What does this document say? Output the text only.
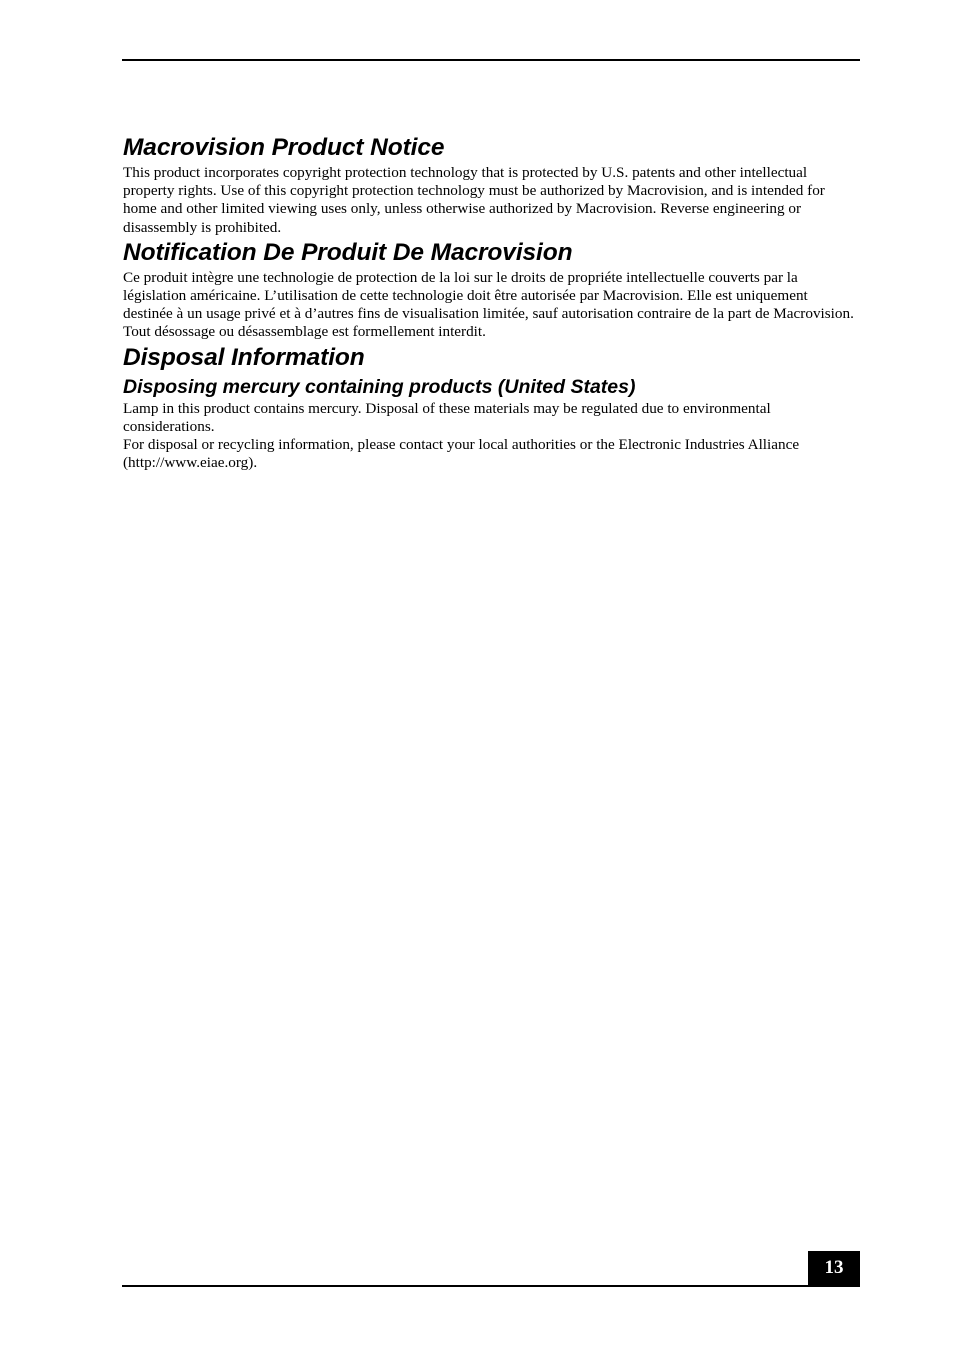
Macrovision Product Notice

This product incorporates copyright protection technology that is protected by U.S. patents and other intellectual property rights. Use of this copyright protection technology must be authorized by Macrovision, and is intended for home and other limited viewing uses only, unless otherwise authorized by Macrovision. Reverse engineering or disassembly is prohibited.

Notification De Produit De Macrovision

Ce produit intègre une technologie de protection de la loi sur le droits de propriéte intellectuelle couverts par la législation américaine. L’utilisation de cette technologie doit être autorisée par Macrovision. Elle est uniquement destinée à un usage privé et à d’autres fins de visualisation limitée, sauf autorisation contraire de la part de Macrovision. Tout désossage ou désassemblage est formellement interdit.

Disposal Information
Disposing mercury containing products (United States)

Lamp in this product contains mercury. Disposal of these materials may be regulated due to environmental considerations.

For disposal or recycling information, please contact your local authorities or the Electronic Industries Alliance (http://www.eiae.org).

13
